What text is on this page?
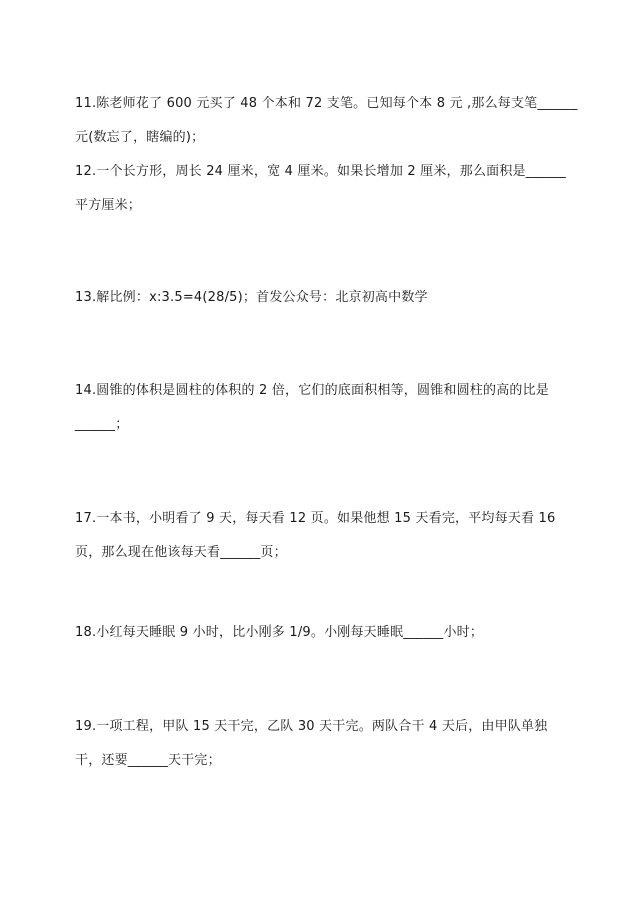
11.陈老师花了 600 元买了 48 个本和 72 支笔。已知每个本 8 元 ,那么每支笔______
元(数忘了，瞎编的)；
12.一个长方形，周长 24 厘米，宽 4 厘米。如果长增加 2 厘米，那么面积是______
平方厘米；
13.解比例：x:3.5=4(28/5)；首发公众号：北京初高中数学
14.圆锥的体积是圆柱的体积的 2 倍，它们的底面积相等，圆锥和圆柱的高的比是
______；
17.一本书，小明看了 9 天，每天看 12 页。如果他想 15 天看完，平均每天看 16
页，那么现在他该每天看______页；
18.小红每天睡眠 9 小时，比小刚多 1/9。小刚每天睡眠______小时；
19.一项工程，甲队 15 天干完，乙队 30 天干完。两队合干 4 天后，由甲队单独
干，还要______天干完；
